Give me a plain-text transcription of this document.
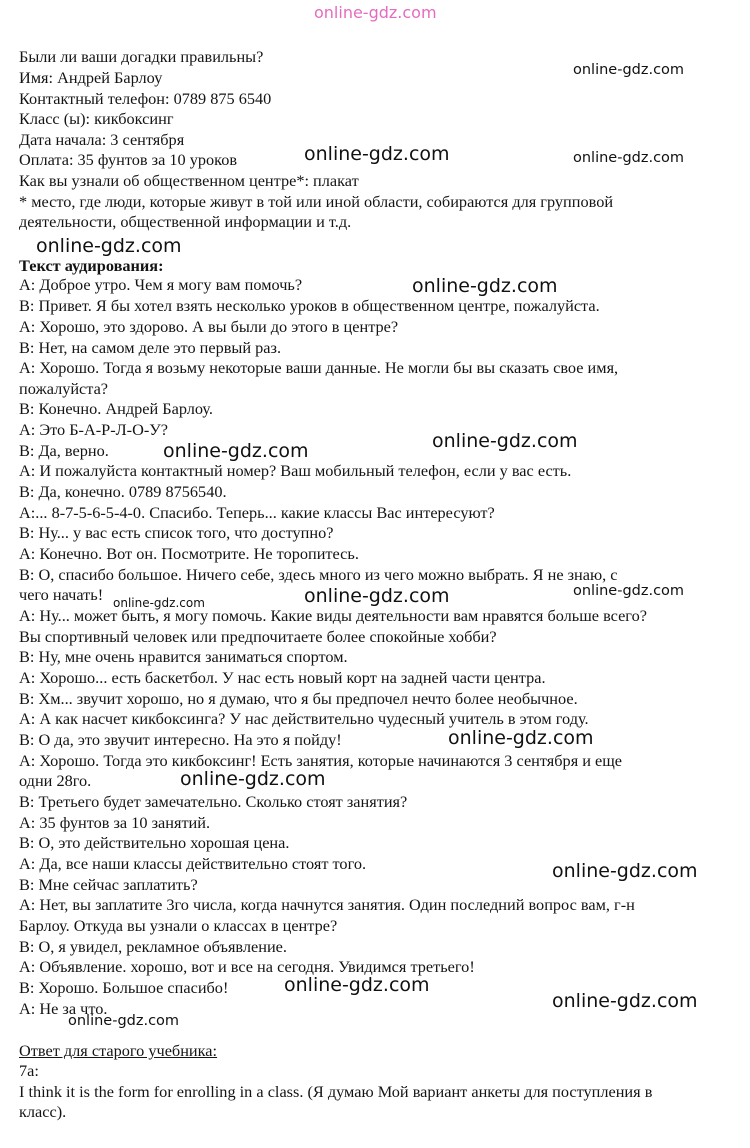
online-gdz.com
Были ли ваши догадки правильны?
Имя: Андрей Барлоу
Контактный телефон: 0789 875 6540
Класс (ы): кикбоксинг
Дата начала: 3 сентября
Оплата: 35 фунтов за 10 уроков
Как вы узнали об общественном центре*: плакат
* место, где люди, которые живут в той или иной области, собираются для групповой
деятельности, общественной информации и т.д.
Текст аудирования:
А: Доброе утро. Чем я могу вам помочь?
В: Привет. Я бы хотел взять несколько уроков в общественном центре, пожалуйста.
А: Хорошо, это здорово. А вы были до этого в центре?
В: Нет, на самом деле это первый раз.
А: Хорошо. Тогда я возьму некоторые ваши данные. Не могли бы вы сказать свое имя,
пожалуйста?
В: Конечно. Андрей Барлоу.
А: Это Б-А-Р-Л-О-У?
В: Да, верно.
А: И пожалуйста контактный номер? Ваш мобильный телефон, если у вас есть.
В: Да, конечно. 0789 8756540.
А:... 8-7-5-6-5-4-0. Спасибо. Теперь... какие классы Вас интересуют?
В: Ну... у вас есть список того, что доступно?
А: Конечно. Вот он. Посмотрите. Не торопитесь.
В: О, спасибо большое. Ничего себе, здесь много из чего можно выбрать. Я не знаю, с
чего начать!
А: Ну... может быть, я могу помочь. Какие виды деятельности вам нравятся больше всего?
Вы спортивный человек или предпочитаете более спокойные хобби?
В: Ну, мне очень нравится заниматься спортом.
А: Хорошо... есть баскетбол. У нас есть новый корт на задней части центра.
В: Хм... звучит хорошо, но я думаю, что я бы предпочел нечто более необычное.
А: А как насчет кикбоксинга? У нас действительно чудесный учитель в этом году.
В: О да, это звучит интересно. На это я пойду!
А: Хорошо. Тогда это кикбоксинг! Есть занятия, которые начинаются 3 сентября и еще
одни 28го.
В: Третьего будет замечательно. Сколько стоят занятия?
А: 35 фунтов за 10 занятий.
В: О, это действительно хорошая цена.
А: Да, все наши классы действительно стоят того.
В: Мне сейчас заплатить?
А: Нет, вы заплатите 3го числа, когда начнутся занятия. Один последний вопрос вам, г-н
Барлоу. Откуда вы узнали о классах в центре?
В: О, я увидел, рекламное объявление.
А: Объявление. хорошо, вот и все на сегодня. Увидимся третьего!
В: Хорошо. Большое спасибо!
А: Не за что.
Ответ для старого учебника:
7a:
I think it is the form for enrolling in a class. (Я думаю Мой вариант анкеты для поступления в
класс).
online-gdz.com
online-gdz.com	online-gdz.com
online-gdz.com
online-gdz.com
online-gdz.com
online-gdz.com
online-gdz.com
online-gdz.com
online-gdz.com
online-gdz.com
online-gdz.com
online-gdz.com
online-gdz.com
online-gdz.com
online-gdz.com
